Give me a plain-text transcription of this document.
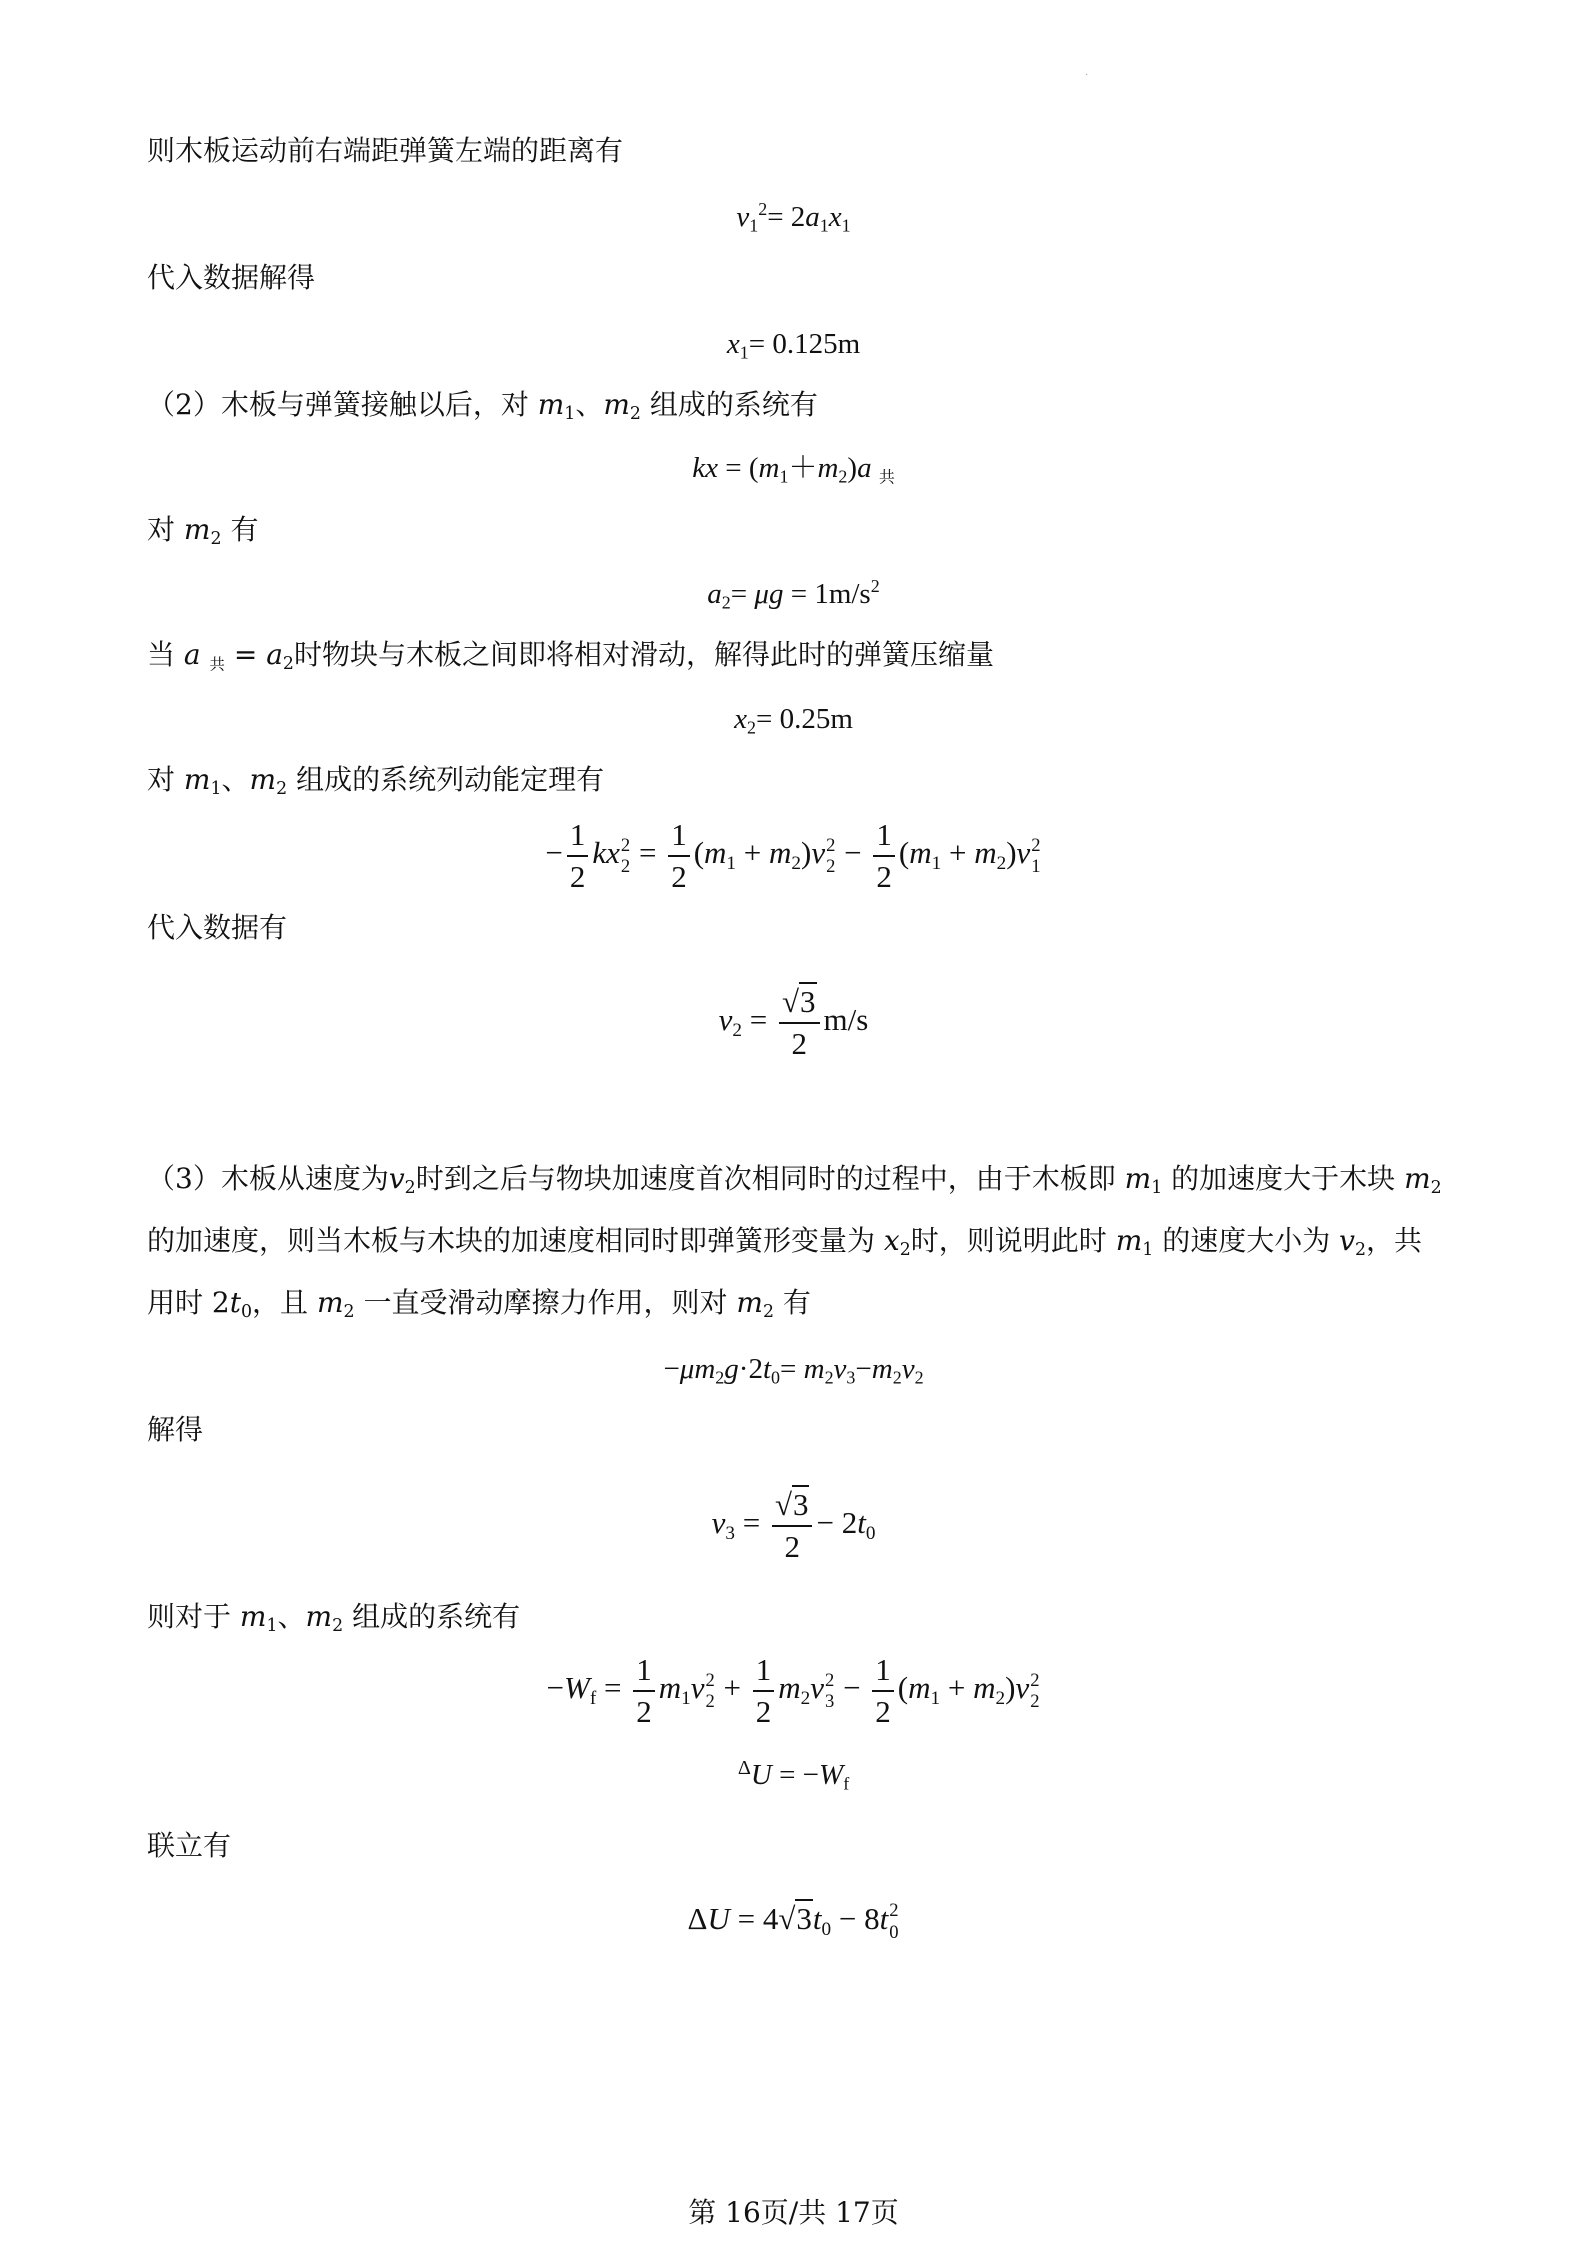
·
则木板运动前右端距弹簧左端的距离有
$v_1^2= 2a_1x_1$
代入数据解得
$x_1= 0.125m$
（2）木板与弹簧接触以后，对 $m_1$、$m_2$ 组成的系统有
kx = $(m_1+m_2)a$ 共
对 $m_2$ 有
$a_2= \mu g = 1m/s^2$
当 a 共 = $a_2$时物块与木板之间即将相对滑动，解得此时的弹簧压缩量
$x_2= 0.25m$
对 $m_1$、$m_2$ 组成的系统列动能定理有
− $\frac{1}{2}$ kx 2
$2 = \frac{1}{2} (m_1 + m_2)v$ 2
$2 - \frac{1}{2} (m_1 + m_2)v$ 2
1
代入数据有
$v_2 = \frac{√3}{2} m/s$
（3）木板从速度为$v_2$时到之后与物块加速度首次相同时的过程中，由于木板即 $m_1$ 的加速度大于木块 $m_2$ 的加速度，则当木板与木块的加速度相同时即弹簧形变量为 $x_2$时，则说明此时 $m_1$ 的速度大小为 $v_2$，共用时 $2t_0$，且 $m_2$ 一直受滑动摩擦力作用，则对 $m_2$ 有
$-\mu m_2g\cdot 2t_0= m_2v_3-m_2v_2$
解得
$v_3 = \frac{√3}{2} - 2t_0$
则对于 $m_1$、$m_2$ 组成的系统有
$-W_f = \frac{1}{2} m_1v$ 2
$2 + \frac{1}{2} m_2v$ 2
$3 - \frac{1}{2} (m_1 + m_2)v$ 2
2
$^\Delta U = -W_f$
联立有
$\Delta U = 4√3t_0 - 8t$ 2
0
第 16页/共 17页
